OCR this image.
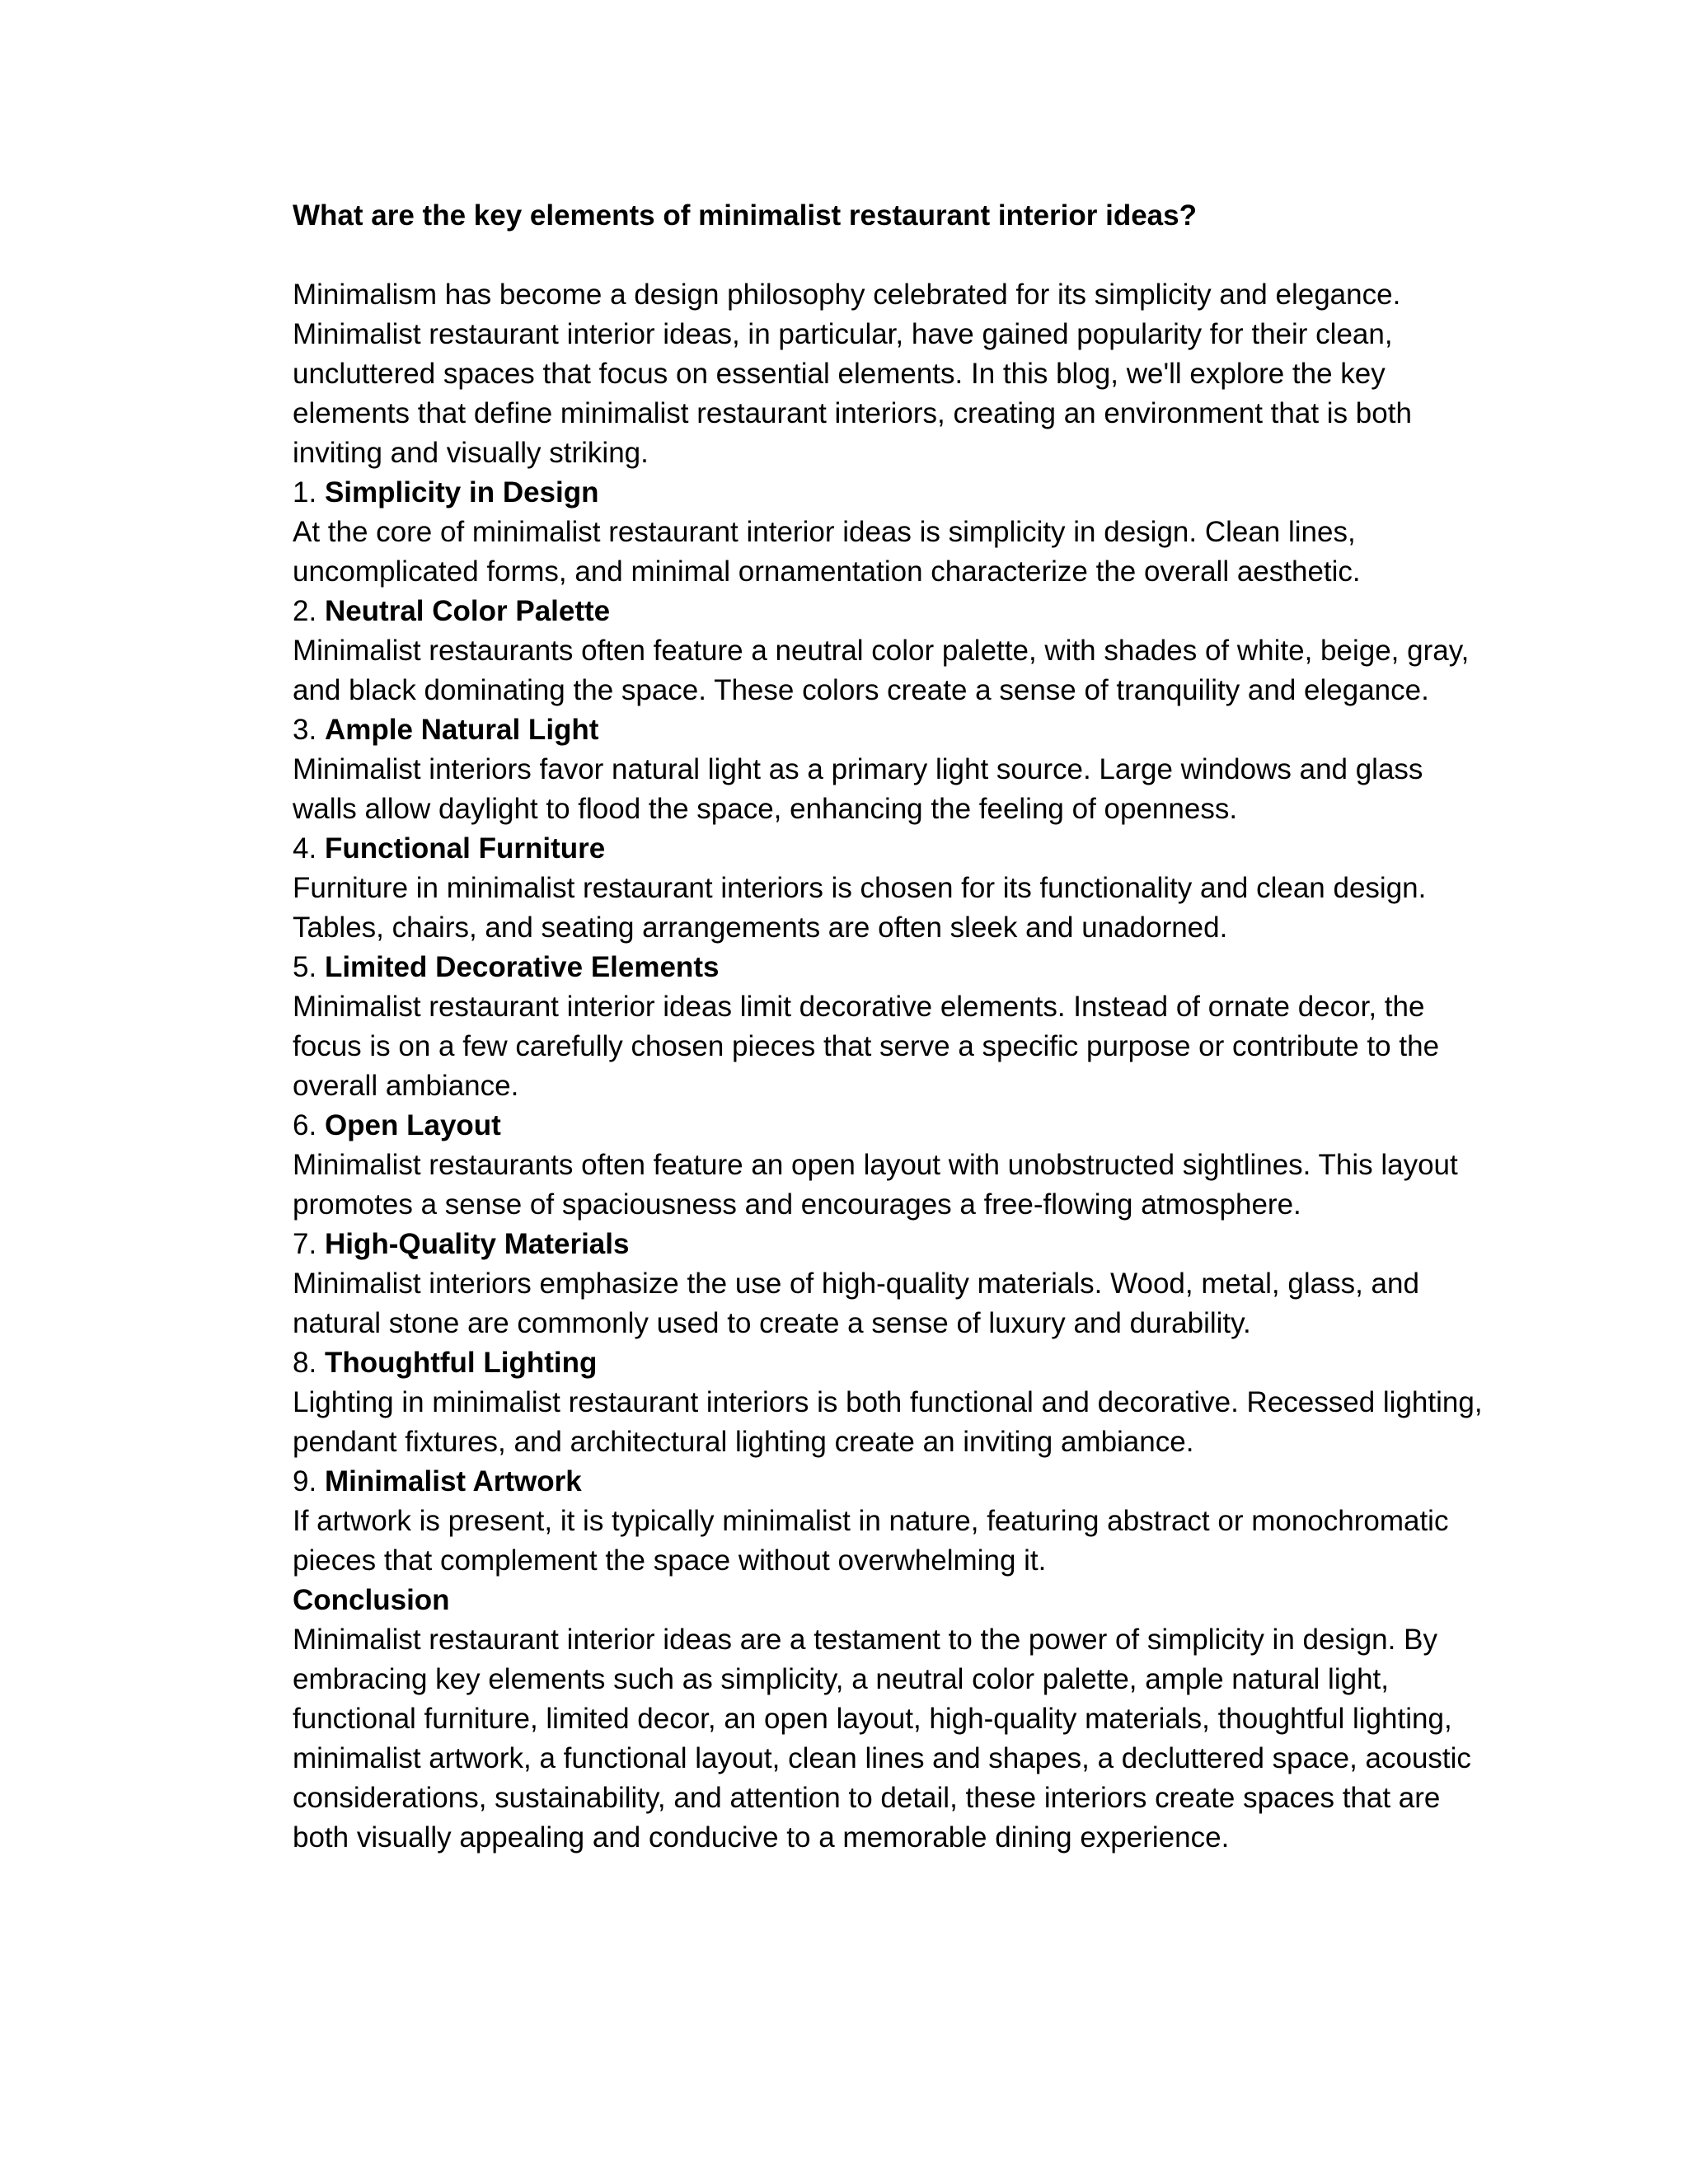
What are the key elements of minimalist restaurant interior ideas?

Minimalism has become a design philosophy celebrated for its simplicity and elegance. Minimalist restaurant interior ideas, in particular, have gained popularity for their clean, uncluttered spaces that focus on essential elements. In this blog, we'll explore the key elements that define minimalist restaurant interiors, creating an environment that is both inviting and visually striking.

1. Simplicity in Design

At the core of minimalist restaurant interior ideas is simplicity in design. Clean lines, uncomplicated forms, and minimal ornamentation characterize the overall aesthetic.

2. Neutral Color Palette

Minimalist restaurants often feature a neutral color palette, with shades of white, beige, gray, and black dominating the space. These colors create a sense of tranquility and elegance.

3. Ample Natural Light

Minimalist interiors favor natural light as a primary light source. Large windows and glass walls allow daylight to flood the space, enhancing the feeling of openness.

4. Functional Furniture

Furniture in minimalist restaurant interiors is chosen for its functionality and clean design. Tables, chairs, and seating arrangements are often sleek and unadorned.

5. Limited Decorative Elements

Minimalist restaurant interior ideas limit decorative elements. Instead of ornate decor, the focus is on a few carefully chosen pieces that serve a specific purpose or contribute to the overall ambiance.

6. Open Layout

Minimalist restaurants often feature an open layout with unobstructed sightlines. This layout promotes a sense of spaciousness and encourages a free-flowing atmosphere.

7. High-Quality Materials

Minimalist interiors emphasize the use of high-quality materials. Wood, metal, glass, and natural stone are commonly used to create a sense of luxury and durability.

8. Thoughtful Lighting

Lighting in minimalist restaurant interiors is both functional and decorative. Recessed lighting, pendant fixtures, and architectural lighting create an inviting ambiance.

9. Minimalist Artwork

If artwork is present, it is typically minimalist in nature, featuring abstract or monochromatic pieces that complement the space without overwhelming it.

Conclusion

Minimalist restaurant interior ideas are a testament to the power of simplicity in design. By embracing key elements such as simplicity, a neutral color palette, ample natural light, functional furniture, limited decor, an open layout, high-quality materials, thoughtful lighting, minimalist artwork, a functional layout, clean lines and shapes, a decluttered space, acoustic considerations, sustainability, and attention to detail, these interiors create spaces that are both visually appealing and conducive to a memorable dining experience.
